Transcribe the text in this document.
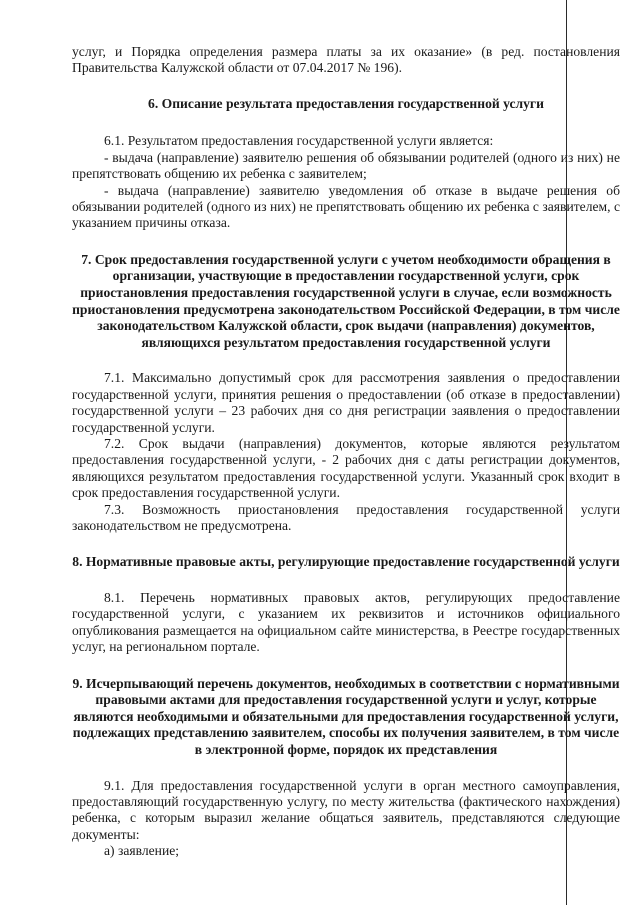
услуг, и Порядка определения размера платы за их оказание» (в ред. постановления Правительства Калужской области от 07.04.2017 № 196).

6. Описание результата предоставления государственной услуги

6.1. Результатом предоставления государственной услуги является:

- выдача (направление) заявителю решения об обязывании родителей (одного из них) не препятствовать общению их ребенка с заявителем;

- выдача (направление) заявителю уведомления об отказе в выдаче решения об обязывании родителей (одного из них) не препятствовать общению их ребенка с заявителем, с указанием причины отказа.

7. Срок предоставления государственной услуги с учетом необходимости обращения в организации, участвующие в предоставлении государственной услуги, срок приостановления предоставления государственной услуги в случае, если возможность приостановления предусмотрена законодательством Российской Федерации, в том числе законодательством Калужской области, срок выдачи (направления) документов, являющихся результатом предоставления государственной услуги

7.1. Максимально допустимый срок для рассмотрения заявления о предоставлении государственной услуги, принятия решения о предоставлении (об отказе в предоставлении) государственной услуги – 23 рабочих дня со дня регистрации заявления о предоставлении государственной услуги.

7.2. Срок выдачи (направления) документов, которые являются результатом предоставления государственной услуги, - 2 рабочих дня с даты регистрации документов, являющихся результатом предоставления государственной услуги. Указанный срок входит в срок предоставления государственной услуги.

7.3. Возможность приостановления предоставления государственной услуги законодательством не предусмотрена.

8. Нормативные правовые акты, регулирующие предоставление государственной услуги

8.1. Перечень нормативных правовых актов, регулирующих предоставление государственной услуги, с указанием их реквизитов и источников официального опубликования размещается на официальном сайте министерства, в Реестре государственных услуг, на региональном портале.

9. Исчерпывающий перечень документов, необходимых в соответствии с нормативными правовыми актами для предоставления государственной услуги и услуг, которые являются необходимыми и обязательными для предоставления государственной услуги, подлежащих представлению заявителем, способы их получения заявителем, в том числе в электронной форме, порядок их представления

9.1. Для предоставления государственной услуги в орган местного самоуправления, предоставляющий государственную услугу, по месту жительства (фактического нахождения) ребенка, с которым выразил желание общаться заявитель, представляются следующие документы:

а) заявление;
